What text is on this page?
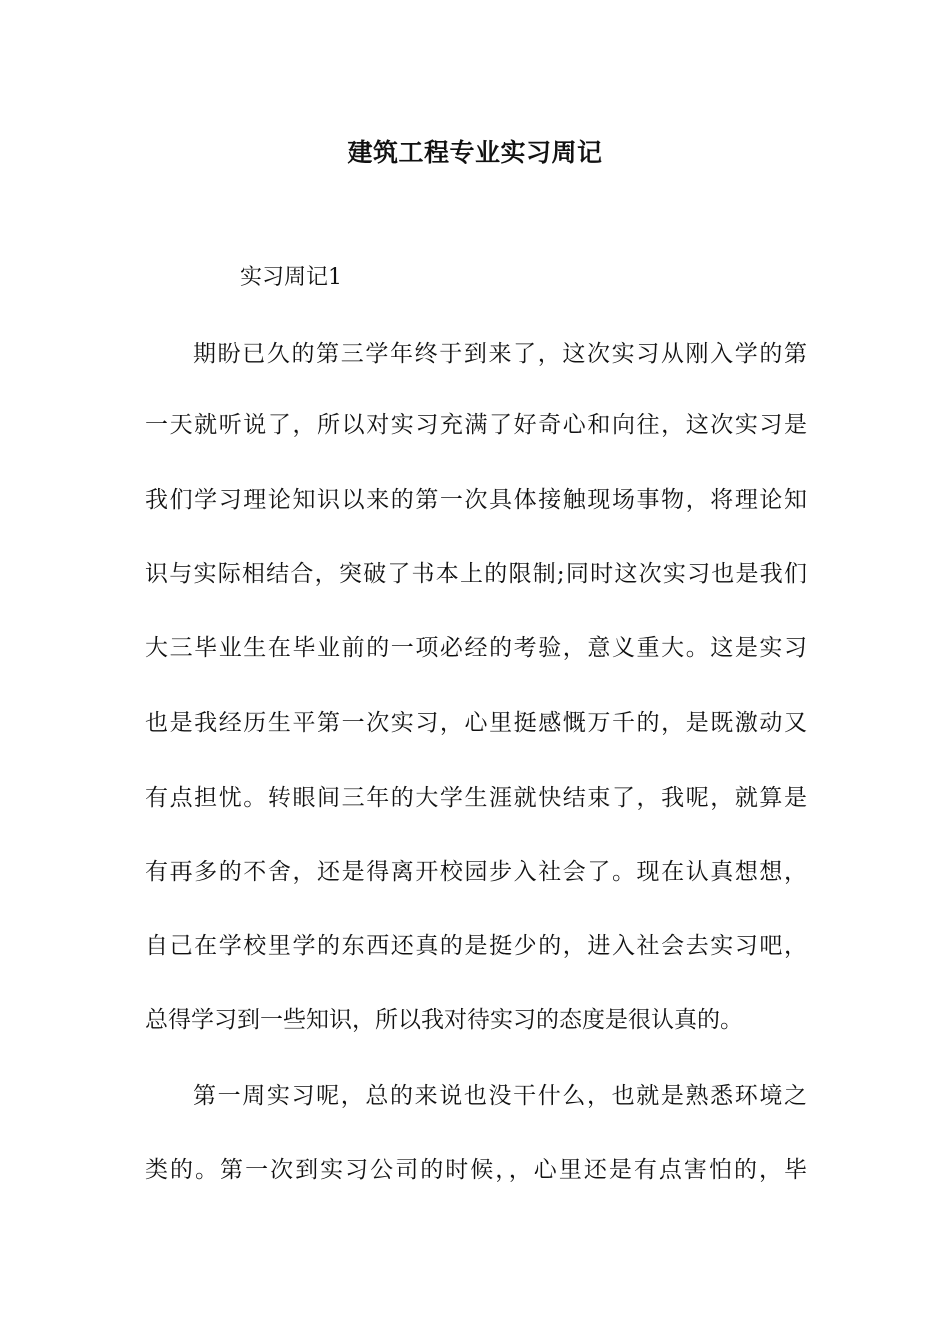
建筑工程专业实习周记

实习周记1

期盼已久的第三学年终于到来了，这次实习从刚入学的第

一天就听说了，所以对实习充满了好奇心和向往，这次实习是

我们学习理论知识以来的第一次具体接触现场事物，将理论知

识与实际相结合，突破了书本上的限制;同时这次实习也是我们

大三毕业生在毕业前的一项必经的考验，意义重大。这是实习

也是我经历生平第一次实习，心里挺感慨万千的，是既激动又

有点担忧。转眼间三年的大学生涯就快结束了，我呢，就算是

有再多的不舍，还是得离开校园步入社会了。现在认真想想，

自己在学校里学的东西还真的是挺少的，进入社会去实习吧，

总得学习到一些知识，所以我对待实习的态度是很认真的。

第一周实习呢，总的来说也没干什么，也就是熟悉环境之

类的。第一次到实习公司的时候，，心里还是有点害怕的，毕
